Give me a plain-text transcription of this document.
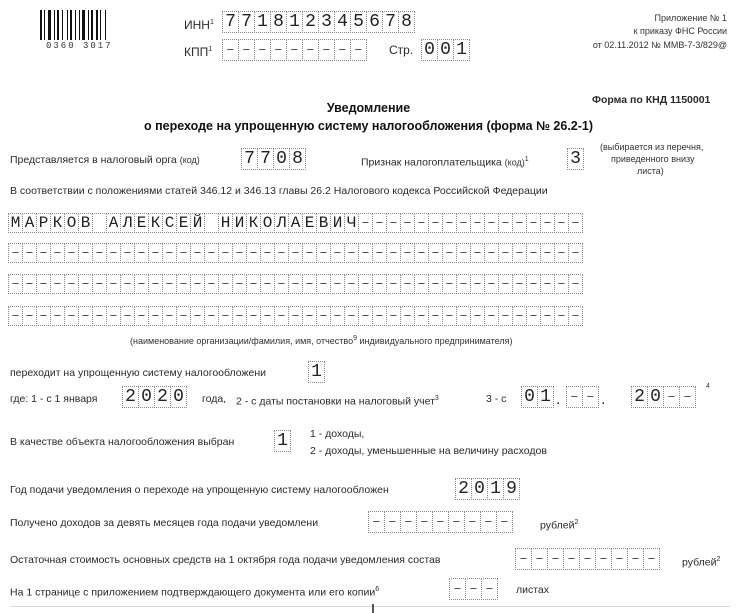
0360 3017
ИНН$^1$ 7 7 1 8 1 2 3 4 5 6 7 8
КПП$^1$	– – – – – – – – –	Стр. 0 0 1
Приложение № 1
к приказу ФНС России
от 02.11.2012 № ММВ-7-3/829@
Форма по КНД 1150001
Уведомление
о переходе на упрощенную систему налогообложения (форма № 26.2-1)
Представляется в налоговый орга (код) 7 7 0 8	Признак налогоплательщика (код)$^1$ 3
(выбирается из перечня,
приведенного внизу
листа)
В соответствии с положениями статей 346.12 и 346.13 главы 26.2 Налогового кодекса Российской Федерации
М А Р К О В А Л Е К С Е Й Н И К О Л А Е В И Ч – – – – – – – – – – – – – – – –
– – – – – – – – – – – – – – – – – – – – – – – – – – – – – – – – – – – – – – – – –
– – – – – – – – – – – – – – – – – – – – – – – – – – – – – – – – – – – – – – – – –
– – – – – – – – – – – – – – – – – – – – – – – – – – – – – – – – – – – – – – – – –
(наименование организации/фамилия, имя, отчество$^9$ индивидуального предпринимателя)
переходит на упрощенную систему налогообложени	1
где: 1 - с 1 января 2 0 2 0 года, 2 - с даты постановки на налоговый учет$^3$	3 - с 0 1 . – – . 2 0 – –
4
В качестве объекта налогообложения выбран 1 1 - доходы,
2 - доходы, уменьшенные на величину расходов
Год подачи уведомления о переходе на упрощенную систему налогообложен	2 0 1 9
Получено доходов за девять месяцев года подачи уведомлени	– – – – – – – – –	рублей$^2$
Остаточная стоимость основных средств на 1 октября года подачи уведомления состав	– – – – – – – – –	рублей$^2$
На 1 странице с приложением подтверждающего документа или его копии$^6$	– – –	листах
